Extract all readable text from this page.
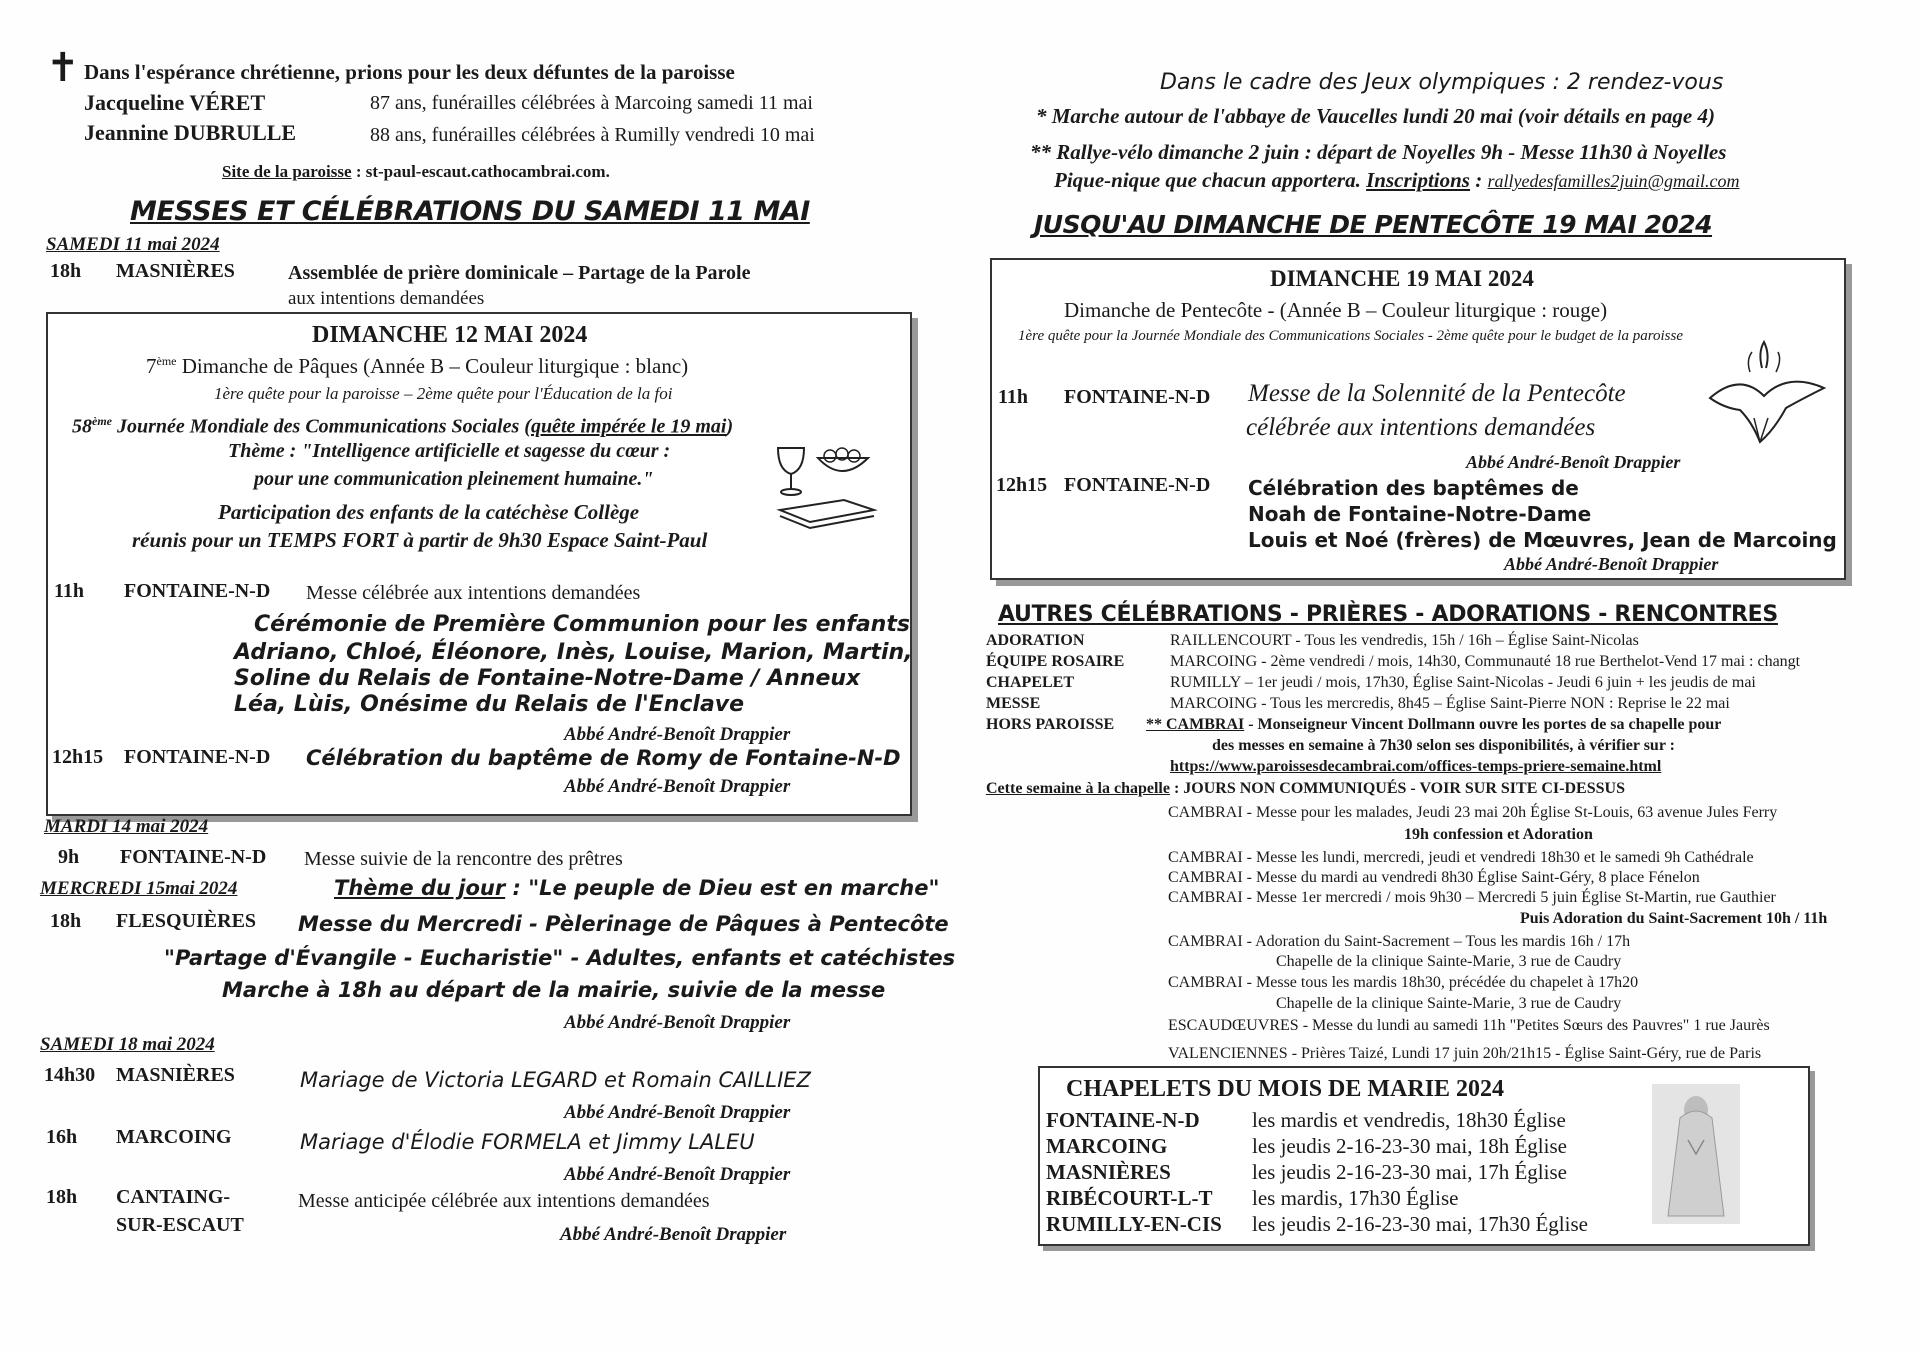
✝ Dans l'espérance chrétienne, prions pour les deux défuntes de la paroisse
Jacqueline VÉRET	87 ans, funérailles célébrées à Marcoing samedi 11 mai
Jeannine DUBRULLE	88 ans, funérailles célébrées à Rumilly vendredi 10 mai
Site de la paroisse : st-paul-escaut.cathocambrai.com.
MESSES ET CÉLÉBRATIONS DU SAMEDI 11 MAI
SAMEDI 11 mai 2024
18h MASNIÈRES	Assemblée de prière dominicale – Partage de la Parole
aux intentions demandées
DIMANCHE 12 MAI 2024
7ème Dimanche de Pâques (Année B – Couleur liturgique : blanc)
1ère quête pour la paroisse – 2ème quête pour l'Éducation de la foi
58ème Journée Mondiale des Communications Sociales (quête impérée le 19 mai)
Thème : "Intelligence artificielle et sagesse du cœur :
pour une communication pleinement humaine."
Participation des enfants de la catéchèse Collège
réunis pour un TEMPS FORT à partir de 9h30 Espace Saint-Paul
11h FONTAINE-N-D Messe célébrée aux intentions demandées
Cérémonie de Première Communion pour les enfants
Adriano, Chloé, Éléonore, Inès, Louise, Marion, Martin,
Soline du Relais de Fontaine-Notre-Dame / Anneux
Léa, Lùis, Onésime du Relais de l'Enclave
Abbé André-Benoît Drappier
12h15 FONTAINE-N-D Célébration du baptême de Romy de Fontaine-N-D
Abbé André-Benoît Drappier
MARDI 14 mai 2024
9h FONTAINE-N-D Messe suivie de la rencontre des prêtres
MERCREDI 15mai 2024	Thème du jour : "Le peuple de Dieu est en marche"
18h FLESQUIÈRES Messe du Mercredi - Pèlerinage de Pâques à Pentecôte
"Partage d'Évangile - Eucharistie" - Adultes, enfants et catéchistes
Marche à 18h au départ de la mairie, suivie de la messe
Abbé André-Benoît Drappier
SAMEDI 18 mai 2024
14h30 MASNIÈRES	Mariage de Victoria LEGARD et Romain CAILLIEZ
Abbé André-Benoît Drappier
16h MARCOING	Mariage d'Élodie FORMELA et Jimmy LALEU
Abbé André-Benoît Drappier
18h CANTAING-
SUR-ESCAUT
Messe anticipée célébrée aux intentions demandées
Abbé André-Benoît Drappier
Dans le cadre des Jeux olympiques : 2 rendez-vous
* Marche autour de l'abbaye de Vaucelles lundi 20 mai (voir détails en page 4)
** Rallye-vélo dimanche 2 juin : départ de Noyelles 9h - Messe 11h30 à Noyelles
Pique-nique que chacun apportera. Inscriptions : rallyedesfamilles2juin@gmail.com
JUSQU'AU DIMANCHE DE PENTECÔTE 19 MAI 2024
DIMANCHE 19 MAI 2024
Dimanche de Pentecôte - (Année B – Couleur liturgique : rouge)
1ère quête pour la Journée Mondiale des Communications Sociales - 2ème quête pour le budget de la paroisse
11h FONTAINE-N-D Messe de la Solennité de la Pentecôte
célébrée aux intentions demandées
Abbé André-Benoît Drappier
12h15 FONTAINE-N-D Célébration des baptêmes de
Noah de Fontaine-Notre-Dame
Louis et Noé (frères) de Mœuvres, Jean de Marcoing
Abbé André-Benoît Drappier
AUTRES CÉLÉBRATIONS - PRIÈRES - ADORATIONS - RENCONTRES
ADORATION	RAILLENCOURT - Tous les vendredis, 15h / 16h – Église Saint-Nicolas
ÉQUIPE ROSAIRE	MARCOING - 2ème vendredi / mois, 14h30, Communauté 18 rue Berthelot-Vend 17 mai : changt
CHAPELET	RUMILLY – 1er jeudi / mois, 17h30, Église Saint-Nicolas - Jeudi 6 juin + les jeudis de mai
MESSE	MARCOING - Tous les mercredis, 8h45 – Église Saint-Pierre NON : Reprise le 22 mai
HORS PAROISSE ** CAMBRAI - Monseigneur Vincent Dollmann ouvre les portes de sa chapelle pour
des messes en semaine à 7h30 selon ses disponibilités, à vérifier sur :
https://www.paroissesdecambrai.com/offices-temps-priere-semaine.html
Cette semaine à la chapelle : JOURS NON COMMUNIQUÉS - VOIR SUR SITE CI-DESSUS
CAMBRAI - Messe pour les malades, Jeudi 23 mai 20h Église St-Louis, 63 avenue Jules Ferry
19h confession et Adoration
CAMBRAI - Messe les lundi, mercredi, jeudi et vendredi 18h30 et le samedi 9h Cathédrale
CAMBRAI - Messe du mardi au vendredi 8h30 Église Saint-Géry, 8 place Fénelon
CAMBRAI - Messe 1er mercredi / mois 9h30 – Mercredi 5 juin Église St-Martin, rue Gauthier
Puis Adoration du Saint-Sacrement 10h / 11h
CAMBRAI - Adoration du Saint-Sacrement – Tous les mardis 16h / 17h
Chapelle de la clinique Sainte-Marie, 3 rue de Caudry
CAMBRAI - Messe tous les mardis 18h30, précédée du chapelet à 17h20
Chapelle de la clinique Sainte-Marie, 3 rue de Caudry
ESCAUDŒUVRES - Messe du lundi au samedi 11h "Petites Sœurs des Pauvres" 1 rue Jaurès
VALENCIENNES - Prières Taizé, Lundi 17 juin 20h/21h15 - Église Saint-Géry, rue de Paris
CHAPELETS DU MOIS DE MARIE 2024
FONTAINE-N-D les mardis et vendredis, 18h30 Église
MARCOING	les jeudis 2-16-23-30 mai, 18h Église
MASNIÈRES	les jeudis 2-16-23-30 mai, 17h Église
RIBÉCOURT-L-T les mardis, 17h30 Église
RUMILLY-EN-CIS les jeudis 2-16-23-30 mai, 17h30 Église
